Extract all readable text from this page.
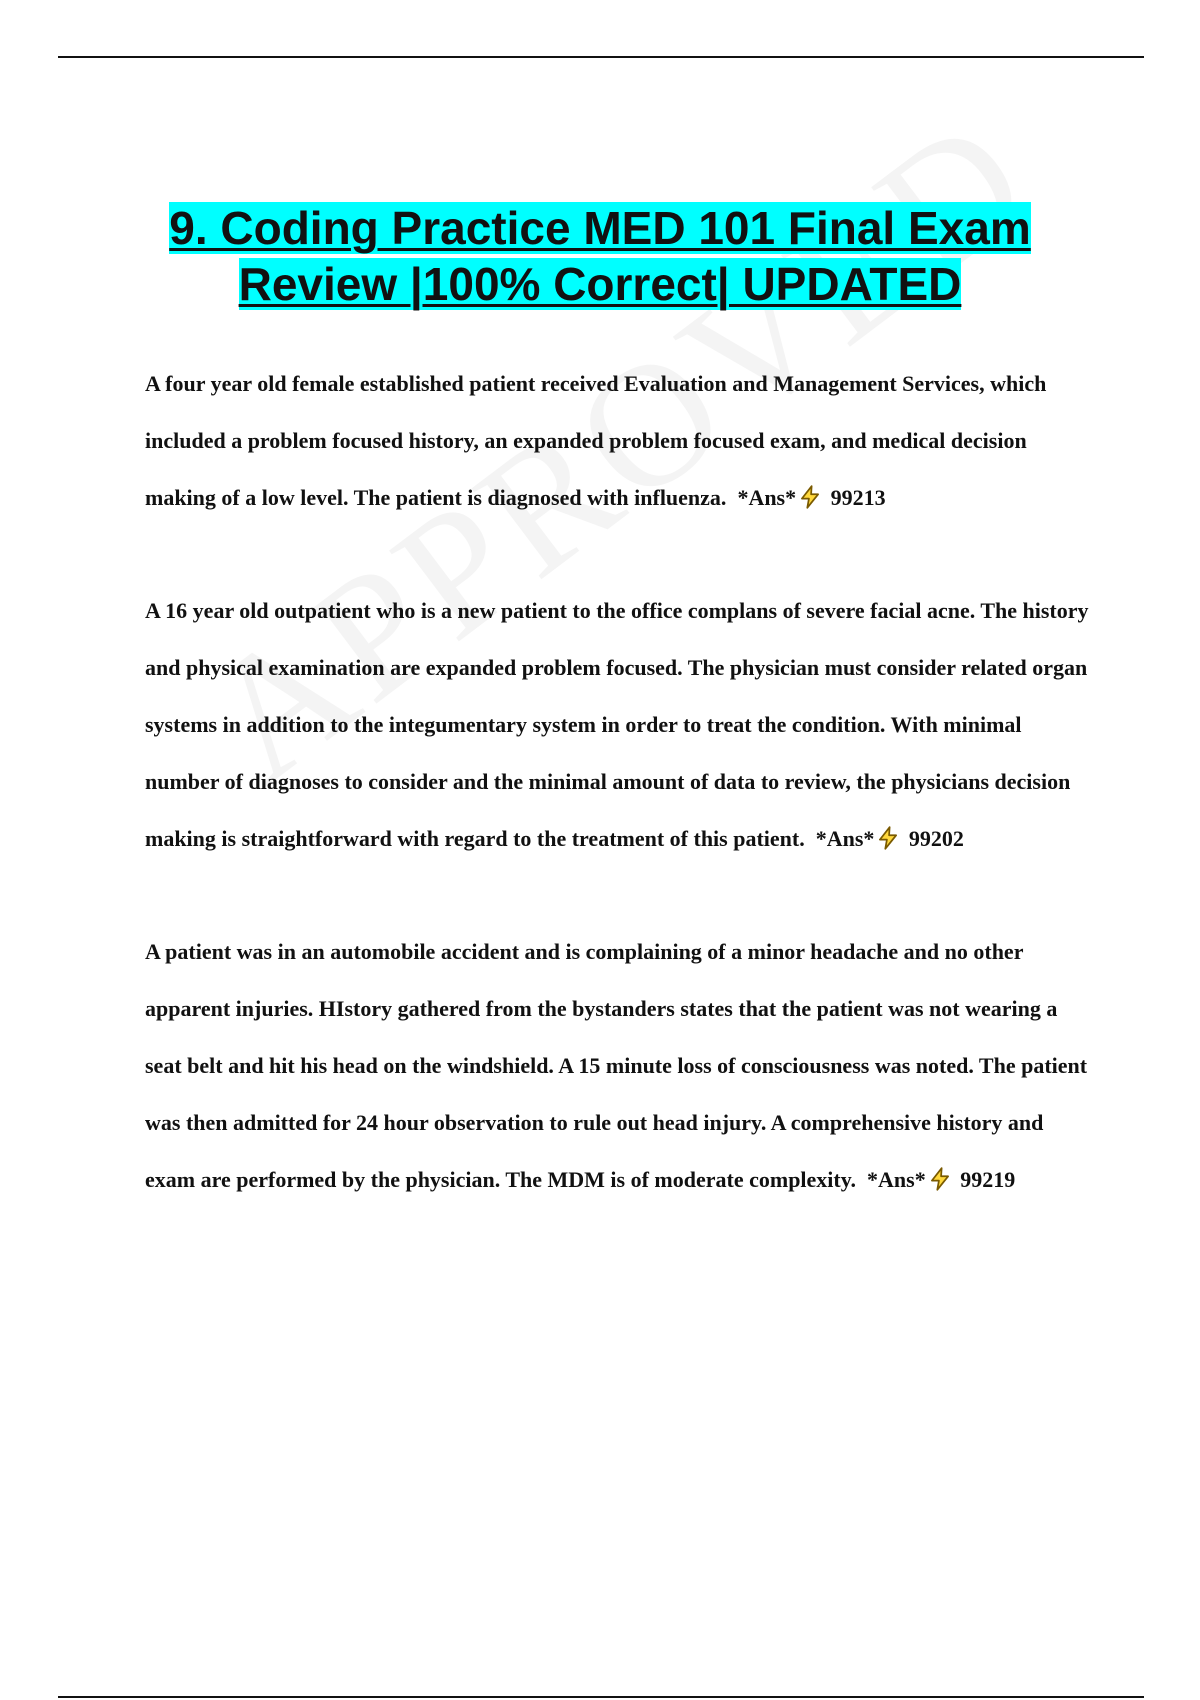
9. Coding Practice MED 101 Final Exam
Review |100% Correct| UPDATED

A four year old female established patient received Evaluation and Management Services, which included a problem focused history, an expanded problem focused exam, and medical decision making of a low level. The patient is diagnosed with influenza. *Ans* 99213

A 16 year old outpatient who is a new patient to the office complans of severe facial acne. The history and physical examination are expanded problem focused. The physician must consider related organ systems in addition to the integumentary system in order to treat the condition. With minimal number of diagnoses to consider and the minimal amount of data to review, the physicians decision making is straightforward with regard to the treatment of this patient. *Ans* 99202

A patient was in an automobile accident and is complaining of a minor headache and no other apparent injuries. HIstory gathered from the bystanders states that the patient was not wearing a seat belt and hit his head on the windshield. A 15 minute loss of consciousness was noted. The patient was then admitted for 24 hour observation to rule out head injury. A comprehensive history and exam are performed by the physician. The MDM is of moderate complexity. *Ans* 99219
